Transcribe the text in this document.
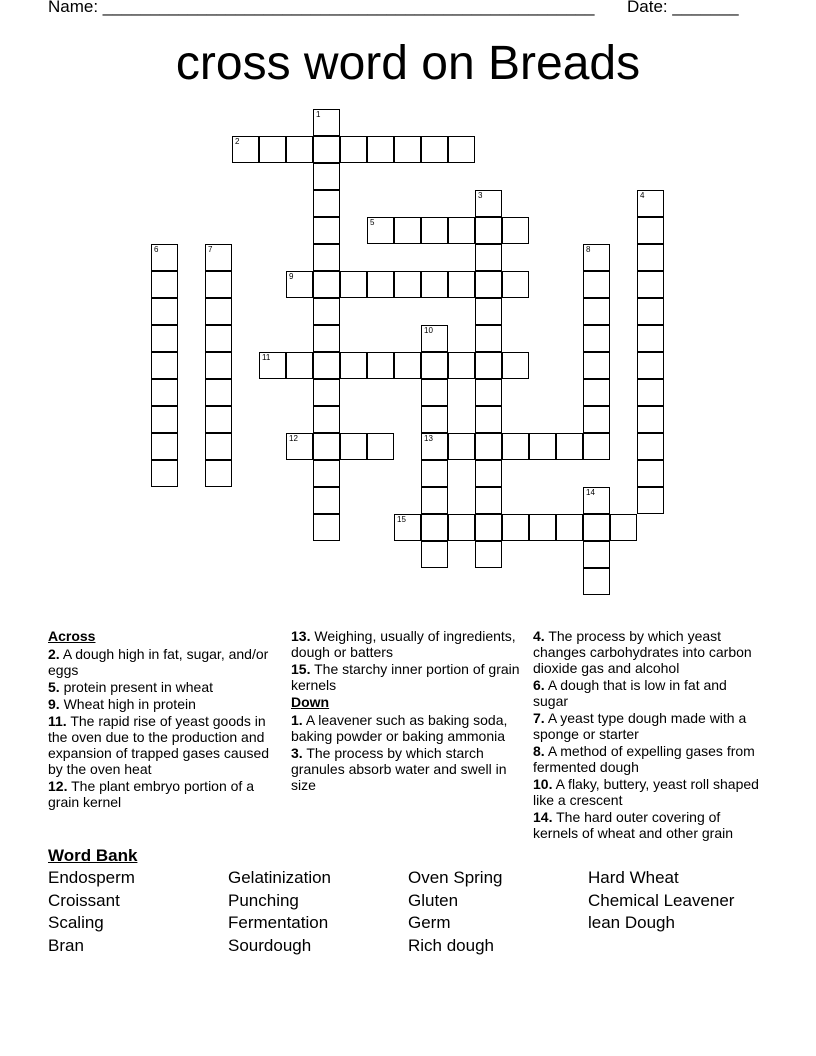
Name: ____________________________________________________ Date: _______
cross word on Breads
2
5
9
11
12	13
15
1
3	4
6	7	8
10
14
Across
2. A dough high in fat, sugar, and/or eggs
5. protein present in wheat
9. Wheat high in protein
11. The rapid rise of yeast goods in the oven due to the production and expansion of trapped gases caused by the oven heat
12. The plant embryo portion of a grain kernel
13. Weighing, usually of ingredients, dough or batters
15. The starchy inner portion of grain kernels
Down
1. A leavener such as baking soda, baking powder or baking ammonia
3. The process by which starch granules absorb water and swell in size
4. The process by which yeast changes carbohydrates into carbon dioxide gas and alcohol
6. A dough that is low in fat and sugar
7. A yeast type dough made with a sponge or starter
8. A method of expelling gases from fermented dough
10. A flaky, buttery, yeast roll shaped like a crescent
14. The hard outer covering of kernels of wheat and other grain
Word Bank
Endosperm	Gelatinization	Oven Spring	Hard Wheat
Croissant	Punching	Gluten	Chemical Leavener
Scaling	Fermentation	Germ	lean Dough
Bran	Sourdough	Rich dough
